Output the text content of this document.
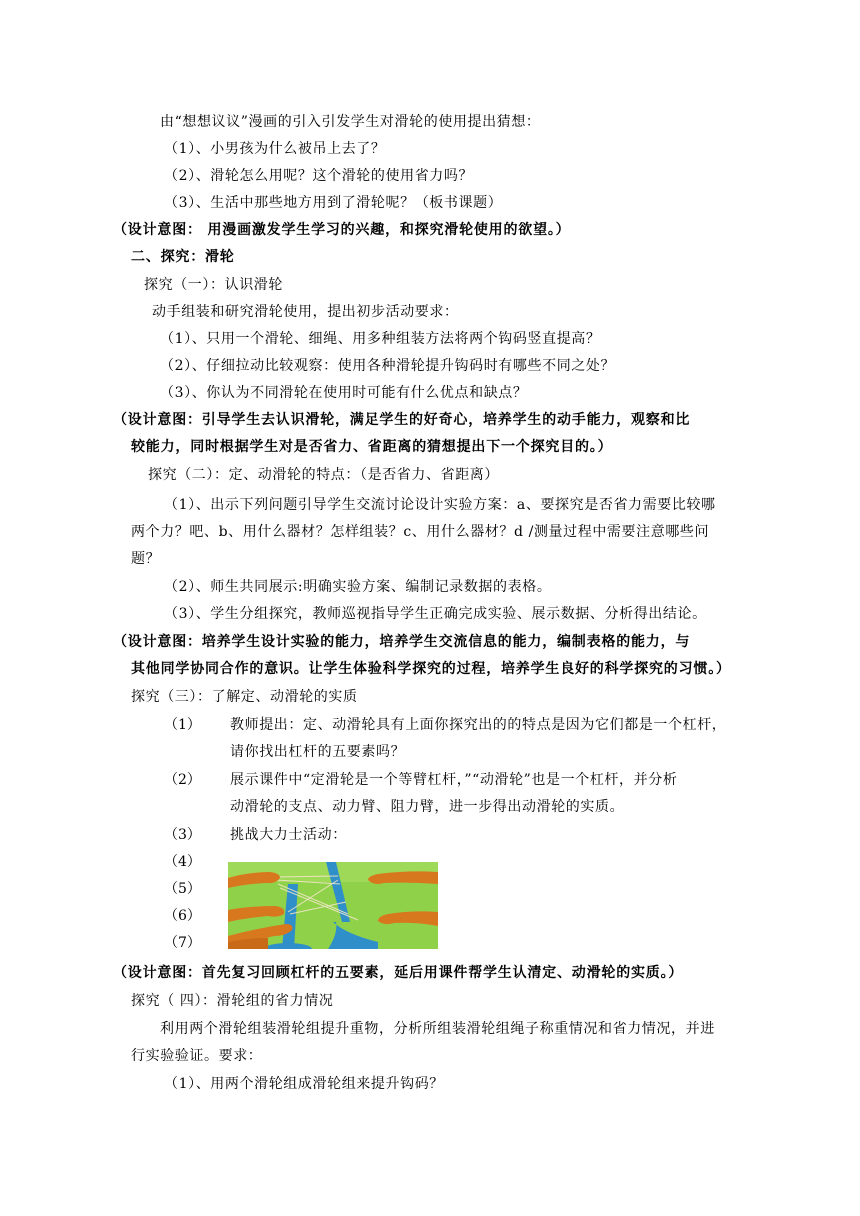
由“想想议议”漫画的引入引发学生对滑轮的使用提出猜想：
（1）、小男孩为什么被吊上去了？
（2）、滑轮怎么用呢？这个滑轮的使用省力吗？
（3）、生活中那些地方用到了滑轮呢？（板书课题）
（设计意图： 用漫画激发学生学习的兴趣，和探究滑轮使用的欲望。）
二、探究：滑轮
探究（一）：认识滑轮
动手组装和研究滑轮使用，提出初步活动要求：
（1）、只用一个滑轮、细绳、用多种组装方法将两个钩码竖直提高？
（2）、仔细拉动比较观察：使用各种滑轮提升钩码时有哪些不同之处？
（3）、你认为不同滑轮在使用时可能有什么优点和缺点？
（设计意图：引导学生去认识滑轮，满足学生的好奇心，培养学生的动手能力，观察和比
较能力，同时根据学生对是否省力、省距离的猜想提出下一个探究目的。）
探究（二）：定、动滑轮的特点：（是否省力、省距离）
（1）、出示下列问题引导学生交流讨论设计实验方案：a、要探究是否省力需要比较哪
两个力？吧、b、用什么器材？怎样组装？c、用什么器材？d /测量过程中需要注意哪些问
题？
（2）、师生共同展示:明确实验方案、编制记录数据的表格。
（3）、学生分组探究，教师巡视指导学生正确完成实验、展示数据、分析得出结论。
（设计意图：培养学生设计实验的能力，培养学生交流信息的能力，编制表格的能力，与
其他同学协同合作的意识。让学生体验科学探究的过程，培养学生良好的科学探究的习惯。）
探究（三）：了解定、动滑轮的实质
（1） 教师提出：定、动滑轮具有上面你探究出的的特点是因为它们都是一个杠杆，
请你找出杠杆的五要素吗？
（2） 展示课件中“定滑轮是一个等臂杠杆，”“动滑轮”也是一个杠杆，并分析
动滑轮的支点、动力臂、阻力臂，进一步得出动滑轮的实质。
（3） 挑战大力士活动：
（4）
（5）
（6）
（7）
（设计意图：首先复习回顾杠杆的五要素，延后用课件帮学生认清定、动滑轮的实质。）
探究（ 四）：滑轮组的省力情况
利用两个滑轮组装滑轮组提升重物，分析所组装滑轮组绳子称重情况和省力情况，并进
行实验验证。要求：
（1）、用两个滑轮组成滑轮组来提升钩码？
